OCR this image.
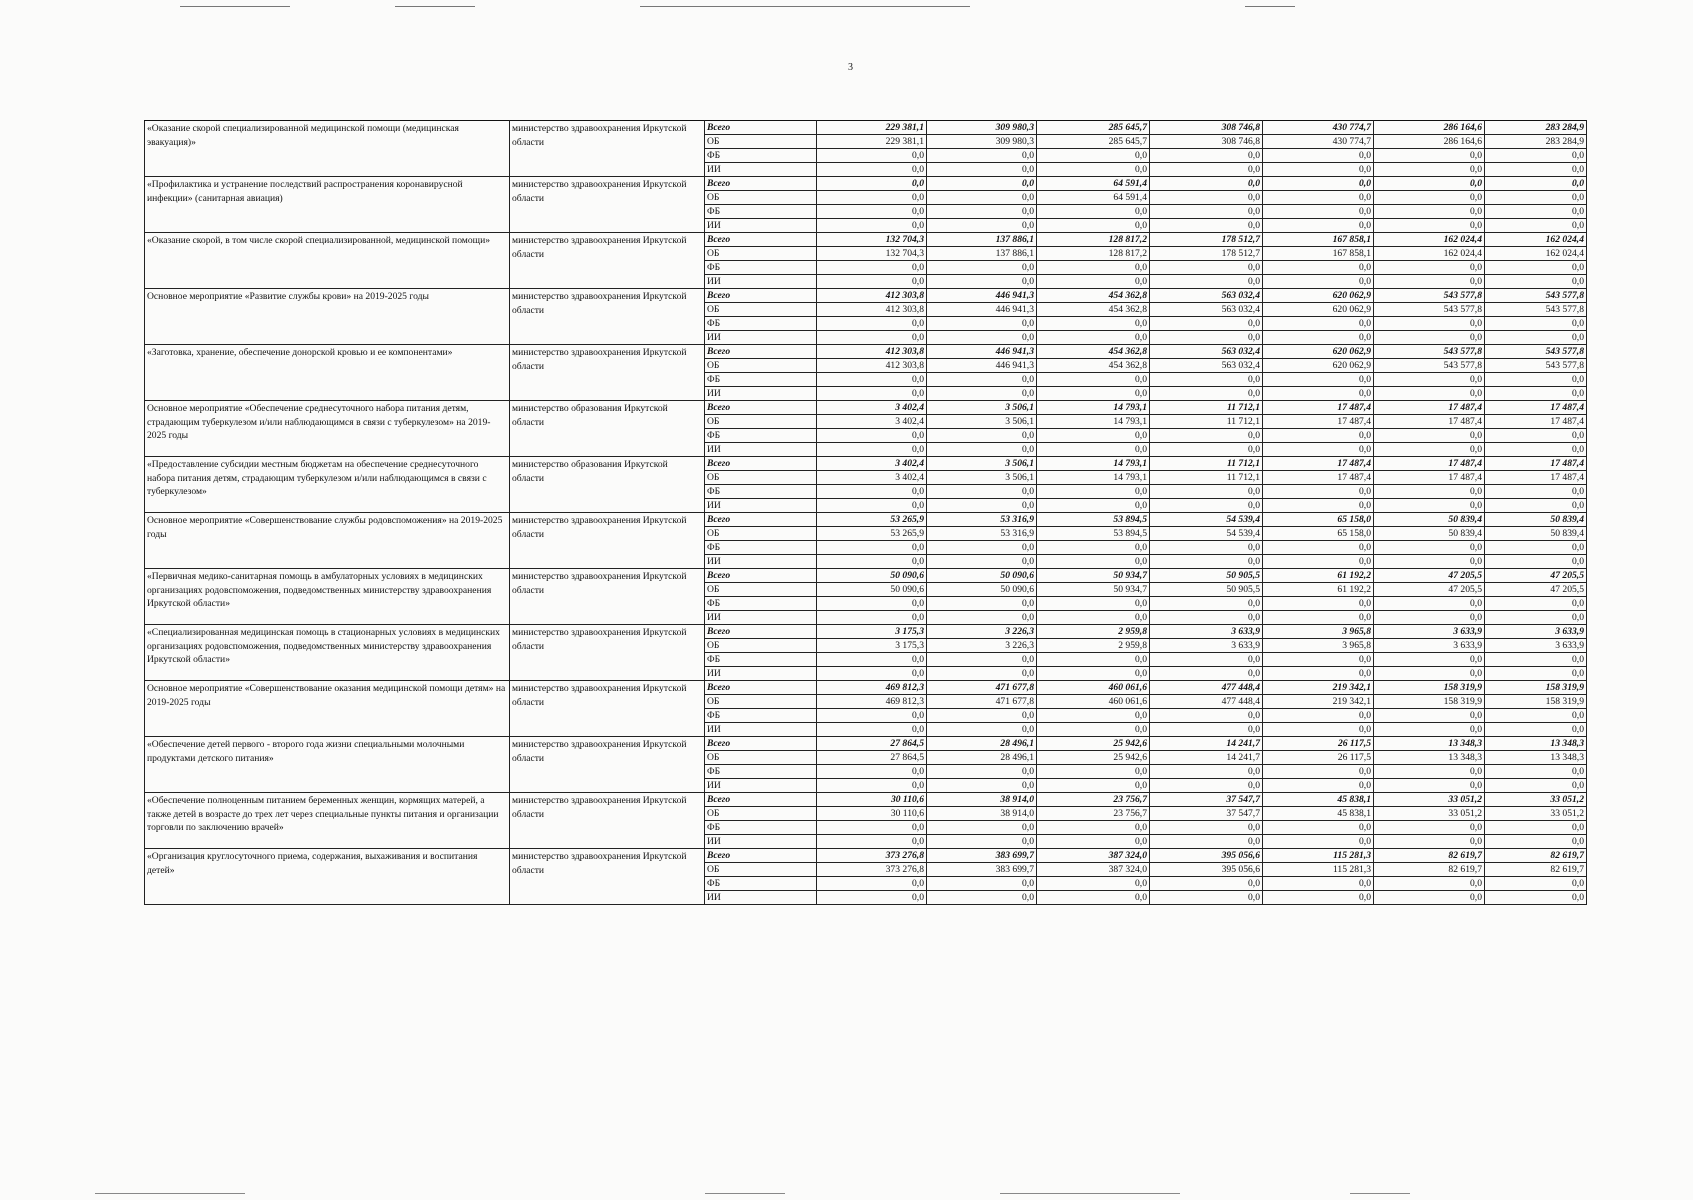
3
«Оказание скорой специализированной медицинской помощи (медицинская эвакуация)»	министерство здравоохранения Иркутской области	Всего	229 381,1	309 980,3	285 645,7	308 746,8	430 774,7	286 164,6	283 284,9
		ОБ	229 381,1	309 980,3	285 645,7	308 746,8	430 774,7	286 164,6	283 284,9
		ФБ	0,0	0,0	0,0	0,0	0,0	0,0	0,0
		ИИ	0,0	0,0	0,0	0,0	0,0	0,0	0,0
«Профилактика и устранение последствий распространения коронавирусной инфекции» (санитарная авиация)	министерство здравоохранения Иркутской области	Всего	0,0	0,0	64 591,4	0,0	0,0	0,0	0,0
		ОБ	0,0	0,0	64 591,4	0,0	0,0	0,0	0,0
		ФБ	0,0	0,0	0,0	0,0	0,0	0,0	0,0
		ИИ	0,0	0,0	0,0	0,0	0,0	0,0	0,0
«Оказание скорой, в том числе скорой специализированной, медицинской помощи»	министерство здравоохранения Иркутской области	Всего	132 704,3	137 886,1	128 817,2	178 512,7	167 858,1	162 024,4	162 024,4
		ОБ	132 704,3	137 886,1	128 817,2	178 512,7	167 858,1	162 024,4	162 024,4
		ФБ	0,0	0,0	0,0	0,0	0,0	0,0	0,0
		ИИ	0,0	0,0	0,0	0,0	0,0	0,0	0,0
Основное мероприятие «Развитие службы крови» на 2019-2025 годы	министерство здравоохранения Иркутской области	Всего	412 303,8	446 941,3	454 362,8	563 032,4	620 062,9	543 577,8	543 577,8
		ОБ	412 303,8	446 941,3	454 362,8	563 032,4	620 062,9	543 577,8	543 577,8
		ФБ	0,0	0,0	0,0	0,0	0,0	0,0	0,0
		ИИ	0,0	0,0	0,0	0,0	0,0	0,0	0,0
«Заготовка, хранение, обеспечение донорской кровью и ее компонентами»	министерство здравоохранения Иркутской области	Всего	412 303,8	446 941,3	454 362,8	563 032,4	620 062,9	543 577,8	543 577,8
		ОБ	412 303,8	446 941,3	454 362,8	563 032,4	620 062,9	543 577,8	543 577,8
		ФБ	0,0	0,0	0,0	0,0	0,0	0,0	0,0
		ИИ	0,0	0,0	0,0	0,0	0,0	0,0	0,0
Основное мероприятие «Обеспечение среднесуточного набора питания детям, страдающим туберкулезом и/или наблюдающимся в связи с туберкулезом» на 2019-2025 годы	министерство образования Иркутской области	Всего	3 402,4	3 506,1	14 793,1	11 712,1	17 487,4	17 487,4	17 487,4
		ОБ	3 402,4	3 506,1	14 793,1	11 712,1	17 487,4	17 487,4	17 487,4
		ФБ	0,0	0,0	0,0	0,0	0,0	0,0	0,0
		ИИ	0,0	0,0	0,0	0,0	0,0	0,0	0,0
«Предоставление субсидии местным бюджетам на обеспечение среднесуточного набора питания детям, страдающим туберкулезом и/или наблюдающимся в связи с туберкулезом»	министерство образования Иркутской области	Всего	3 402,4	3 506,1	14 793,1	11 712,1	17 487,4	17 487,4	17 487,4
		ОБ	3 402,4	3 506,1	14 793,1	11 712,1	17 487,4	17 487,4	17 487,4
		ФБ	0,0	0,0	0,0	0,0	0,0	0,0	0,0
		ИИ	0,0	0,0	0,0	0,0	0,0	0,0	0,0
Основное мероприятие «Совершенствование службы родовспоможения» на 2019-2025 годы	министерство здравоохранения Иркутской области	Всего	53 265,9	53 316,9	53 894,5	54 539,4	65 158,0	50 839,4	50 839,4
		ОБ	53 265,9	53 316,9	53 894,5	54 539,4	65 158,0	50 839,4	50 839,4
		ФБ	0,0	0,0	0,0	0,0	0,0	0,0	0,0
		ИИ	0,0	0,0	0,0	0,0	0,0	0,0	0,0
«Первичная медико-санитарная помощь в амбулаторных условиях в медицинских организациях родовспоможения, подведомственных министерству здравоохранения Иркутской области»	министерство здравоохранения Иркутской области	Всего	50 090,6	50 090,6	50 934,7	50 905,5	61 192,2	47 205,5	47 205,5
		ОБ	50 090,6	50 090,6	50 934,7	50 905,5	61 192,2	47 205,5	47 205,5
		ФБ	0,0	0,0	0,0	0,0	0,0	0,0	0,0
		ИИ	0,0	0,0	0,0	0,0	0,0	0,0	0,0
«Специализированная медицинская помощь в стационарных условиях в медицинских организациях родовспоможения, подведомственных министерству здравоохранения Иркутской области»	министерство здравоохранения Иркутской области	Всего	3 175,3	3 226,3	2 959,8	3 633,9	3 965,8	3 633,9	3 633,9
		ОБ	3 175,3	3 226,3	2 959,8	3 633,9	3 965,8	3 633,9	3 633,9
		ФБ	0,0	0,0	0,0	0,0	0,0	0,0	0,0
		ИИ	0,0	0,0	0,0	0,0	0,0	0,0	0,0
Основное мероприятие «Совершенствование оказания медицинской помощи детям» на 2019-2025 годы	министерство здравоохранения Иркутской области	Всего	469 812,3	471 677,8	460 061,6	477 448,4	219 342,1	158 319,9	158 319,9
		ОБ	469 812,3	471 677,8	460 061,6	477 448,4	219 342,1	158 319,9	158 319,9
		ФБ	0,0	0,0	0,0	0,0	0,0	0,0	0,0
		ИИ	0,0	0,0	0,0	0,0	0,0	0,0	0,0
«Обеспечение детей первого - второго года жизни специальными молочными продуктами детского питания»	министерство здравоохранения Иркутской области	Всего	27 864,5	28 496,1	25 942,6	14 241,7	26 117,5	13 348,3	13 348,3
		ОБ	27 864,5	28 496,1	25 942,6	14 241,7	26 117,5	13 348,3	13 348,3
		ФБ	0,0	0,0	0,0	0,0	0,0	0,0	0,0
		ИИ	0,0	0,0	0,0	0,0	0,0	0,0	0,0
«Обеспечение полноценным питанием беременных женщин, кормящих матерей, а также детей в возрасте до трех лет через специальные пункты питания и организации торговли по заключению врачей»	министерство здравоохранения Иркутской области	Всего	30 110,6	38 914,0	23 756,7	37 547,7	45 838,1	33 051,2	33 051,2
		ОБ	30 110,6	38 914,0	23 756,7	37 547,7	45 838,1	33 051,2	33 051,2
		ФБ	0,0	0,0	0,0	0,0	0,0	0,0	0,0
		ИИ	0,0	0,0	0,0	0,0	0,0	0,0	0,0
«Организация круглосуточного приема, содержания, выхаживания и воспитания детей»	министерство здравоохранения Иркутской области	Всего	373 276,8	383 699,7	387 324,0	395 056,6	115 281,3	82 619,7	82 619,7
		ОБ	373 276,8	383 699,7	387 324,0	395 056,6	115 281,3	82 619,7	82 619,7
		ФБ	0,0	0,0	0,0	0,0	0,0	0,0	0,0
		ИИ	0,0	0,0	0,0	0,0	0,0	0,0	0,0
